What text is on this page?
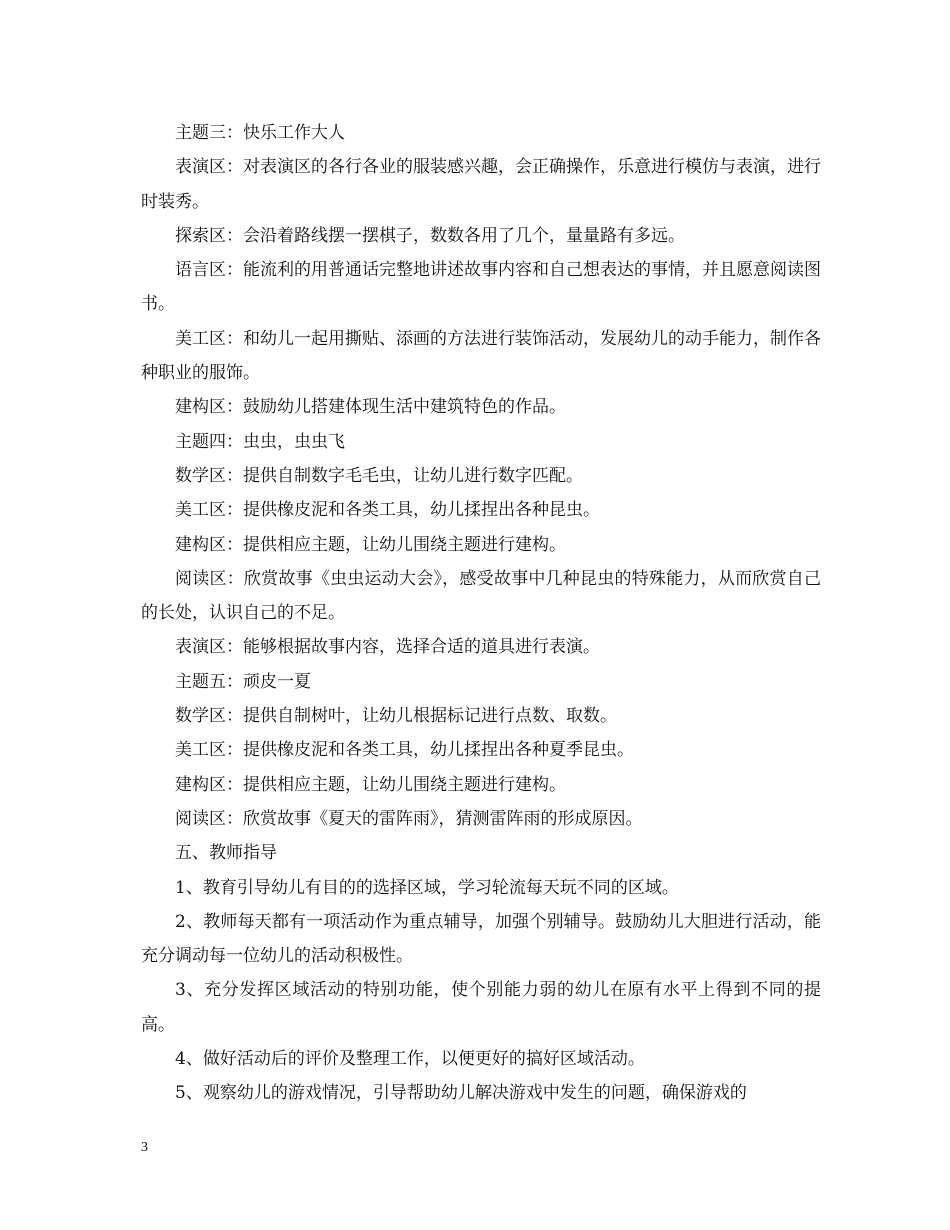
主题三：快乐工作大人

表演区：对表演区的各行各业的服装感兴趣，会正确操作，乐意进行模仿与表演，进行时装秀。

探索区：会沿着路线摆一摆棋子，数数各用了几个，量量路有多远。

语言区：能流利的用普通话完整地讲述故事内容和自己想表达的事情，并且愿意阅读图书。

美工区：和幼儿一起用撕贴、添画的方法进行装饰活动，发展幼儿的动手能力，制作各种职业的服饰。

建构区：鼓励幼儿搭建体现生活中建筑特色的作品。

主题四：虫虫，虫虫飞

数学区：提供自制数字毛毛虫，让幼儿进行数字匹配。

美工区：提供橡皮泥和各类工具，幼儿揉捏出各种昆虫。

建构区：提供相应主题，让幼儿围绕主题进行建构。

阅读区：欣赏故事《虫虫运动大会》，感受故事中几种昆虫的特殊能力，从而欣赏自己的长处，认识自己的不足。

表演区：能够根据故事内容，选择合适的道具进行表演。

主题五：顽皮一夏

数学区：提供自制树叶，让幼儿根据标记进行点数、取数。

美工区：提供橡皮泥和各类工具，幼儿揉捏出各种夏季昆虫。

建构区：提供相应主题，让幼儿围绕主题进行建构。

阅读区：欣赏故事《夏天的雷阵雨》，猜测雷阵雨的形成原因。

五、教师指导

1、教育引导幼儿有目的的选择区域，学习轮流每天玩不同的区域。

2、教师每天都有一项活动作为重点辅导，加强个别辅导。鼓励幼儿大胆进行活动，能充分调动每一位幼儿的活动积极性。

3、充分发挥区域活动的特别功能，使个别能力弱的幼儿在原有水平上得到不同的提高。

4、做好活动后的评价及整理工作，以便更好的搞好区域活动。

5、观察幼儿的游戏情况，引导帮助幼儿解决游戏中发生的问题，确保游戏的

3
